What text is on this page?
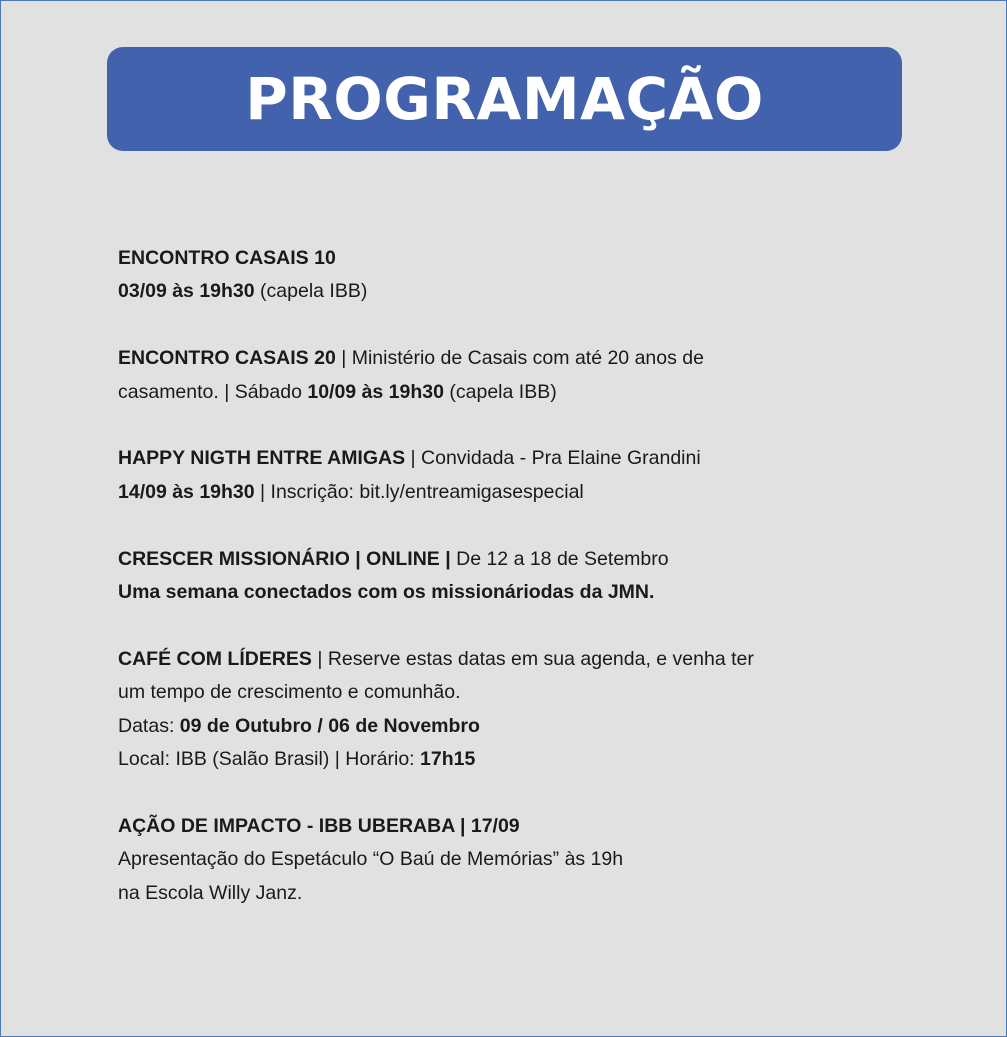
PROGRAMAÇÃO
ENCONTRO CASAIS 10
03/09 às 19h30 (capela IBB)
ENCONTRO CASAIS 20 | Ministério de Casais com até 20 anos de
casamento. | Sábado 10/09 às 19h30 (capela IBB)
HAPPY NIGTH ENTRE AMIGAS | Convidada - Pra Elaine Grandini
14/09 às 19h30 | Inscrição: bit.ly/entreamigasespecial
CRESCER MISSIONÁRIO | ONLINE | De 12 a 18 de Setembro
Uma semana conectados com os missionáriodas da JMN.
CAFÉ COM LÍDERES | Reserve estas datas em sua agenda, e venha ter
um tempo de crescimento e comunhão.
Datas: 09 de Outubro / 06 de Novembro
Local: IBB (Salão Brasil) | Horário: 17h15
AÇÃO DE IMPACTO - IBB UBERABA | 17/09
Apresentação do Espetáculo “O Baú de Memórias” às 19h
na Escola Willy Janz.
